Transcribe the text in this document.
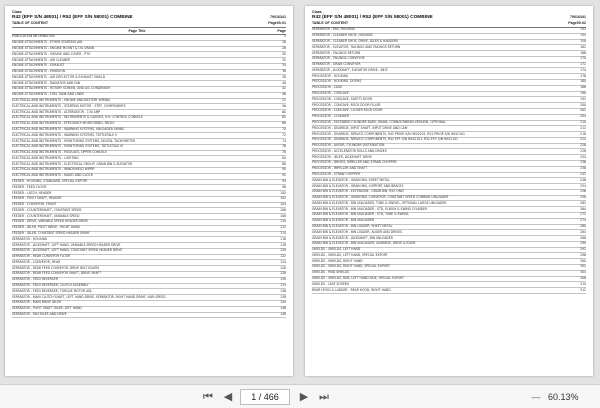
Claas
R42 (EFF S/N 48001) / R52 (EFF S/N 58001) COMBINE
TABLE OF CONTENT
79016341
Page00-01
Page Title	Page
PUBLICATION INFORMATION	3
ENGINE ATTACHMENTS - ETHER STARTING AID	26
ENGINE ATTACHMENTS - ENGINE MOUNT & OIL DRAIN	28
ENGINE ATTACHMENTS - SHEAVE AND COVER - PTO	30
ENGINE ATTACHMENTS - AIR CLEANER	32
ENGINE ATTACHMENTS - EXHAUST	34
ENGINE ATTACHMENTS - EMISSION	36
ENGINE ATTACHMENTS - AIR DEFLECTOR & EXHAUST SHIELD	38
ENGINE ATTACHMENTS - RADIATOR AND FAN	40
ENGINE ATTACHMENTS - ROTARY SCREEN, AND A/C CONDENSER	42
ENGINE ATTACHMENTS - FUEL TANK AND LINES	46
ELECTRICAL AND INSTRUMENTS - ENGINE AND BATTERY WIRING	52
ELECTRICAL AND INSTRUMENTS - STARTING MOTOR - STRT, COMPONENTS	56
ELECTRICAL AND INSTRUMENTS - ALTERNATOR - 130 AMP	60
ELECTRICAL AND INSTRUMENTS - INSTRUMENTS & GAUGES, R.H. CONTROL CONSOLE	62
ELECTRICAL AND INSTRUMENTS - EFFICIENCY MONITORING, PACES	68
ELECTRICAL AND INSTRUMENTS - WARNING SYSTEMS, UNLOADER SWING	70
ELECTRICAL AND INSTRUMENTS - WARNING SYSTEMS, TATTLETALE V	72
ELECTRICAL AND INSTRUMENTS - MONITORING SYSTEMS, DIGITAL TACHOMETER	74
ELECTRICAL AND INSTRUMENTS - MONITORING SYSTEMS, TATTLETALE III	76
ELECTRICAL AND INSTRUMENTS - MODULES, UPPER CONSOLE	78
ELECTRICAL AND INSTRUMENTS - LIGHTING	84
ELECTRICAL AND INSTRUMENTS - ELECTRICAL GROUP, GRAIN BIN & ELEVATOR	86
ELECTRICAL AND INSTRUMENTS - WINDSHIELD WIPER	90
ELECTRICAL AND INSTRUMENTS - RADIO AND CLOCK	92
FEEDER - HOUSING, STANDARD, SPECIAL EXPORT	94
FEEDER - FEED FLOOR	96
FEEDER - LATCH, HEADER	100
FEEDER - PIVOT SHAFT, HEADER	102
FEEDER - CONVEYOR, FRONT	104
FEEDER - COUNTERSHAFT, CONSTANT SPEED	106
FEEDER - COUNTERSHAFT, VARIABLE SPEED	108
FEEDER - DRIVE, VARIABLE SPEED HEADER DRIVE	110
FEEDER - IDLER, PIVOT DRIVE - RIGHT HAND	112
FEEDER - IDLER, CONSTANT SPEED HEADER DRIVE	114
SEPARATOR - HOUSING	116
SEPARATOR - JACKSHAFT, LEFT HAND, VARIABLE SPEED HEADER DRIVE	118
SEPARATOR - JACKSHAFT, LEFT HAND, CONSTANT SPEED HEADER DRIVE	120
SEPARATOR - REAR CONVEYOR FLOOR	122
SEPARATOR - CONVEYOR, REAR	124
SEPARATOR - REAR FEED CONVEYOR, DRIVE BELT IDLERS	126
SEPARATOR - REAR FEED CONVEYOR SHAFT, DRIVE SHAFT	128
SEPARATOR - FEED REVERSER	130
SEPARATOR - FEED REVERSER, CLUTCH ASSEMBLY	134
SEPARATOR - FEED REVERSER, TORQUE MOTOR ADJ.	136
SEPARATOR - MAIN CLUTCH SHAFT, LEFT HAND DRIVE, SEPARATOR, RIGHT HAND DRIVE, VARI-SPEED	138
SEPARATOR - MAIN DRIVE IDLER	144
SEPARATOR - PIVOT SHAFT IDLER, LEFT HAND	146
SEPARATOR - FAN IDLER AND DRIVE	148
Claas
R42 (EFF S/N 48001) / R52 (EFF S/N 58001) COMBINE
TABLE OF CONTENT
79016341
Page00-02
SEPARATOR - FAN, HOUSING	152
SEPARATOR - CLEANER SHOE, HOUSING	154
SEPARATOR - CLEANER SHOE, DRIVE, IDLER & HANGERS	158
SEPARATOR - ELEVATOR, TAILINGS AND TAILINGS RETURN	162
SEPARATOR - TAILINGS RETURN	166
SEPARATOR - TAILINGS CONVEYOR	170
SEPARATOR - GRAIN CONVEYOR	172
SEPARATOR - JACKSHAFT, ELEVATOR DRIVE - BELT	174
PROCESSOR - HOUSING	176
PROCESSOR - HOUSING, DOORS	180
PROCESSOR - CAGE	186
PROCESSOR - CONCAVE	190
PROCESSOR - CONCAVE, SAFETY DOOR	192
PROCESSOR - CONCAVE, ROCK DOOR FILLER	200
PROCESSOR - CONCAVE, CLOSER ROCK DOOR	202
PROCESSOR - CYLINDER	204
PROCESSOR - EXTENDED CYLINDER BARS, GRAIN, CORN/SOYBEAN VERSION, OPTIONAL	210
PROCESSOR - GEARBOX, INPUT SHAFT, INPUT DRIVE AND CAM	212
PROCESSOR - GEARBOX, SERVICE COMPONENTS, R42 PRIOR S/N HK42101, R52 PRIOR S/N HK52101	218
PROCESSOR - GEARBOX, SERVICE COMPONENTS, R42 EFF. S/N HK42101, R52 EFF. S/N HK52101	222
PROCESSOR - AUGER, CYLINDER DISTRIBUTION	226
PROCESSOR - ACCELERATOR ROLLS AND DRIVES	228
PROCESSOR - IDLER, JACKSHAFT DRIVE	234
PROCESSOR - DRIVES, IMPELLER AND STRAW CHOPPER	236
PROCESSOR - IMPELLER AND SHAFT	238
PROCESSOR - STRAW CHOPPER	242
GRAIN BIN & ELEVATOR - GRAIN BIN, SHEET METAL	246
GRAIN BIN & ELEVATOR - GRAIN BIN, SUPPORT AND BRACES	254
GRAIN BIN & ELEVATOR - EXTENSION - GRAIN BIN, R52 ONLY	256
GRAIN BIN & ELEVATOR - GRAIN BIN, CONVEYOR, CONSTANT SPEED COMBINE UNLOADER	258
GRAIN BIN & ELEVATOR - BIN UNLOADER, TUBE & SWIVEL, OPTIONAL LARGE UNLOADER	262
GRAIN BIN & ELEVATOR - BIN UNLOADER - STD, ELBOW & SWING CYLINDER	264
GRAIN BIN & ELEVATOR - BIN UNLOADER - STD, TUBE & SWIVEL	272
GRAIN BIN & ELEVATOR - BIN UNLOADER	274
GRAIN BIN & ELEVATOR - BIN LOADER, SHEET METAL	280
GRAIN BIN & ELEVATOR - BIN LOADER, AUGER AND DRIVES	284
GRAIN BIN & ELEVATOR - JACKSHAFT, BIN UNLOADER	288
GRAIN BIN & ELEVATOR - BIN UNLOADER, GEARBOX, DRIVE & IDLER	290
SHIELDS - SHIELDS, LEFT HAND	292
SHIELDS - SHIELDS, LEFT HAND, SPECIAL EXPORT	296
SHIELDS - SHIELDS, RIGHT HAND	300
SHIELDS - SHIELDS, RIGHT HAND, SPECIAL EXPORT	302
SHIELDS - MUD SHIELDS	304
SHIELDS - SHIELDS, RUB, LEFT HAND SIDE, SPECIAL EXPORT	306
SHIELDS - LEAF SCREEN	310
REAR HOOD & LADDER - REAR HOOD, RIGHT HAND	312
⏮ ◀	1 / 466	▶ ⏭	— 60.13%
